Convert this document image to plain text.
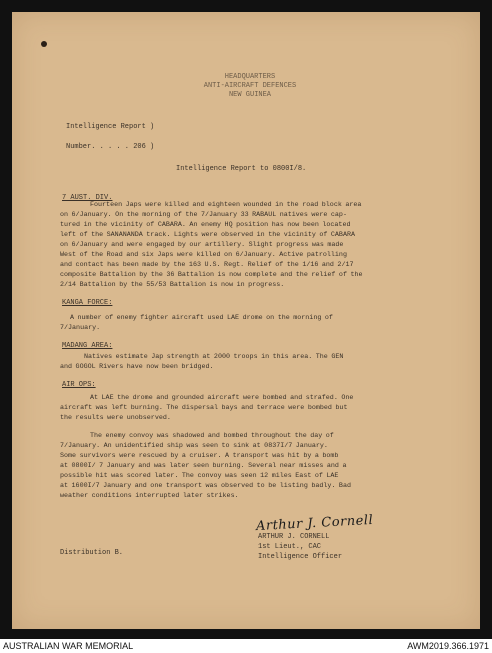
HEADQUARTERS
ANTI-AIRCRAFT DEFENCES
NEW GUINEA
Intelligence Report )
Number. . . . . 206 )
Intelligence Report to 0800I/8.
7 AUST. DIV.
Fourteen Japs were killed and eighteen wounded in the road block area
on 6/January. On the morning of the 7/January 33 RABAUL natives were cap-
tured in the vicinity of CABARA. An enemy HQ position has now been located
left of the SANANANDA track. Lights were observed in the vicinity of CABARA
on 6/January and were engaged by our artillery. Slight progress was made
West of the Road and six Japs were killed on 6/January. Active patrolling
and contact has been made by the 163 U.S. Regt. Relief of the 1/16 and 2/17
composite Battalion by the 36 Battalion is now complete and the relief of the
2/14 Battalion by the 55/53 Battalion is now in progress.
KANGA FORCE:
A number of enemy fighter aircraft used LAE drome on the morning of
7/January.
MADANG AREA:
Natives estimate Jap strength at 2000 troops in this area. The GEN
and GOGOL Rivers have now been bridged.
AIR OPS:
At LAE the drome and grounded aircraft were bombed and strafed. One
aircraft was left burning. The dispersal bays and terrace were bombed but
the results were unobserved.
The enemy convoy was shadowed and bombed throughout the day of
7/January. An unidentified ship was seen to sink at 0837I/7 January.
Some survivors were rescued by a cruiser. A transport was hit by a bomb
at 0800I/ 7 January and was later seen burning. Several near misses and a
possible hit was scored later. The convoy was seen 12 miles East of LAE
at 1600I/7 January and one transport was observed to be listing badly. Bad
weather conditions interrupted later strikes.
Arthur J. Cornell
ARTHUR J. CORNELL
1st Lieut., CAC
Intelligence Officer
Distribution B.
AUSTRALIAN WAR MEMORIAL	AWM2019.366.1971
